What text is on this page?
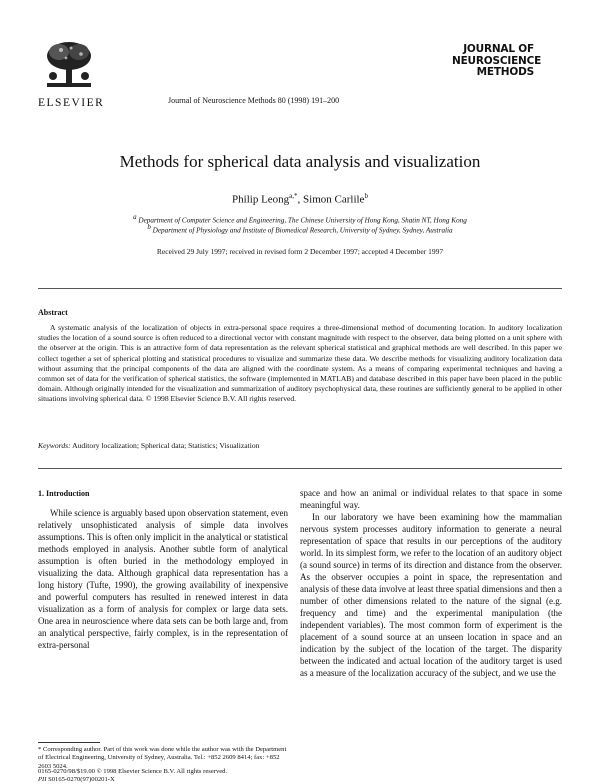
ELSEVIER	Journal of Neuroscience Methods 80 (1998) 191–200
JOURNAL OF
NEUROSCIENCE
METHODS
Methods for spherical data analysis and visualization
Philip Leong$^{a,*}$, Simon Carlile$^b$
a Department of Computer Science and Engineering, The Chinese University of Hong Kong, Shatin NT, Hong Kong
b Department of Physiology and Institute of Biomedical Research, University of Sydney, Sydney, Australia
Received 29 July 1997; received in revised form 2 December 1997; accepted 4 December 1997
Abstract
A systematic analysis of the localization of objects in extra-personal space requires a three-dimensional method of documenting location. In auditory localization studies the location of a sound source is often reduced to a directional vector with constant magnitude with respect to the observer, data being plotted on a unit sphere with the observer at the origin. This is an attractive form of data representation as the relevant spherical statistical and graphical methods are well described. In this paper we collect together a set of spherical plotting and statistical procedures to visualize and summarize these data. We describe methods for visualizing auditory localization data without assuming that the principal components of the data are aligned with the coordinate system. As a means of comparing experimental techniques and having a common set of data for the verification of spherical statistics, the software (implemented in MATLAB) and database described in this paper have been placed in the public domain. Although originally intended for the visualization and summarization of auditory psychophysical data, these routines are sufficiently general to be applied in other situations involving spherical data. © 1998 Elsevier Science B.V. All rights reserved.
Keywords: Auditory localization; Spherical data; Statistics; Visualization
1. Introduction

While science is arguably based upon observation statement, even relatively unsophisticated analysis of simple data involves assumptions. This is often only implicit in the analytical or statistical methods employed in analysis. Another subtle form of analytical assumption is often buried in the methodology employed in visualizing the data. Although graphical data representation has a long history (Tufte, 1990), the growing availability of inexpensive and powerful computers has resulted in renewed interest in data visualization as a form of analysis for complex or large data sets. One area in neuroscience where data sets can be both large and, from an analytical perspective, fairly complex, is in the representation of extra-personal

space and how an animal or individual relates to that space in some meaningful way.

In our laboratory we have been examining how the mammalian nervous system processes auditory information to generate a neural representation of space that results in our perceptions of the auditory world. In its simplest form, we refer to the location of an auditory object (a sound source) in terms of its direction and distance from the observer. As the observer occupies a point in space, the representation and analysis of these data involve at least three spatial dimensions and then a number of other dimensions related to the nature of the signal (e.g. frequency and time) and the experimental manipulation (the independent variables). The most common form of experiment is the placement of a sound source at an unseen location in space and an indication by the subject of the location of the target. The disparity between the indicated and actual location of the auditory target is used as a measure of the localization accuracy of the subject, and we use the

* Corresponding author. Part of this work was done while the author was with the Department of Electrical Engineering, University of Sydney, Australia. Tel.: +852 2609 8414; fax: +852 2603 5024.

0165-0270/98/$19.00 © 1998 Elsevier Science B.V. All rights reserved.
PII S0165-0270(97)00201-X
